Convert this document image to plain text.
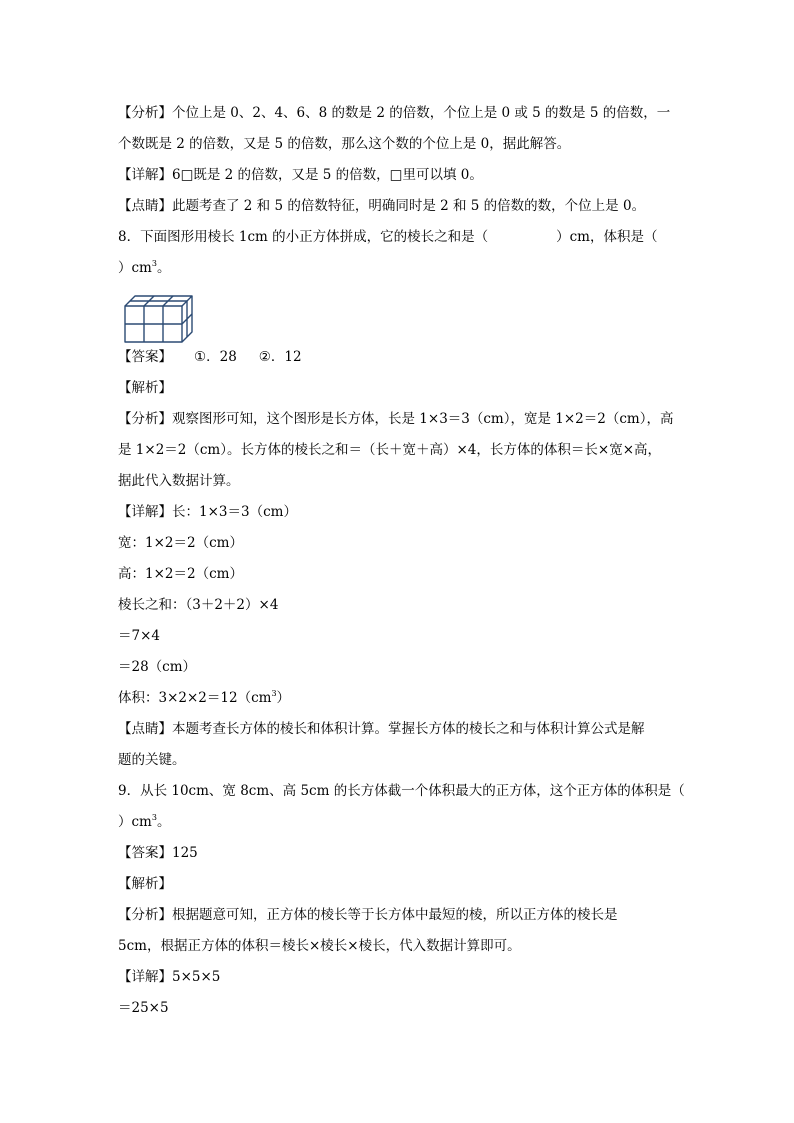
【分析】个位上是 0、2、4、6、8 的数是 2 的倍数，个位上是 0 或 5 的数是 5 的倍数，一
个数既是 2 的倍数，又是 5 的倍数，那么这个数的个位上是 0，据此解答。
【详解】6□既是 2 的倍数，又是 5 的倍数，□里可以填 0。
【点睛】此题考查了 2 和 5 的倍数特征，明确同时是 2 和 5 的倍数的数，个位上是 0。
8．下面图形用棱长 1cm 的小正方体拼成，它的棱长之和是（	）cm，体积是（
）$cm^3$。
【答案】 ①．28 ②．12
【解析】
【分析】观察图形可知，这个图形是长方体，长是 1×3＝3（cm），宽是 1×2＝2（cm），高
是 1×2＝2（cm）。长方体的棱长之和＝（长＋宽＋高）×4，长方体的体积＝长×宽×高，
据此代入数据计算。
【详解】长：1×3＝3（cm）
宽：1×2＝2（cm）
高：1×2＝2（cm）
棱长之和：（3＋2＋2）×4
＝7×4
＝28（cm）
体积：$3\times 2\times 2=12(cm^3)$
【点睛】本题考查长方体的棱长和体积计算。掌握长方体的棱长之和与体积计算公式是解
题的关键。
9．从长 10cm、宽 8cm、高 5cm 的长方体截一个体积最大的正方体，这个正方体的体积是（
）$cm^3$。
【答案】125
【解析】
【分析】根据题意可知，正方体的棱长等于长方体中最短的棱，所以正方体的棱长是
5cm，根据正方体的体积＝棱长×棱长×棱长，代入数据计算即可。
【详解】5×5×5
＝25×5
